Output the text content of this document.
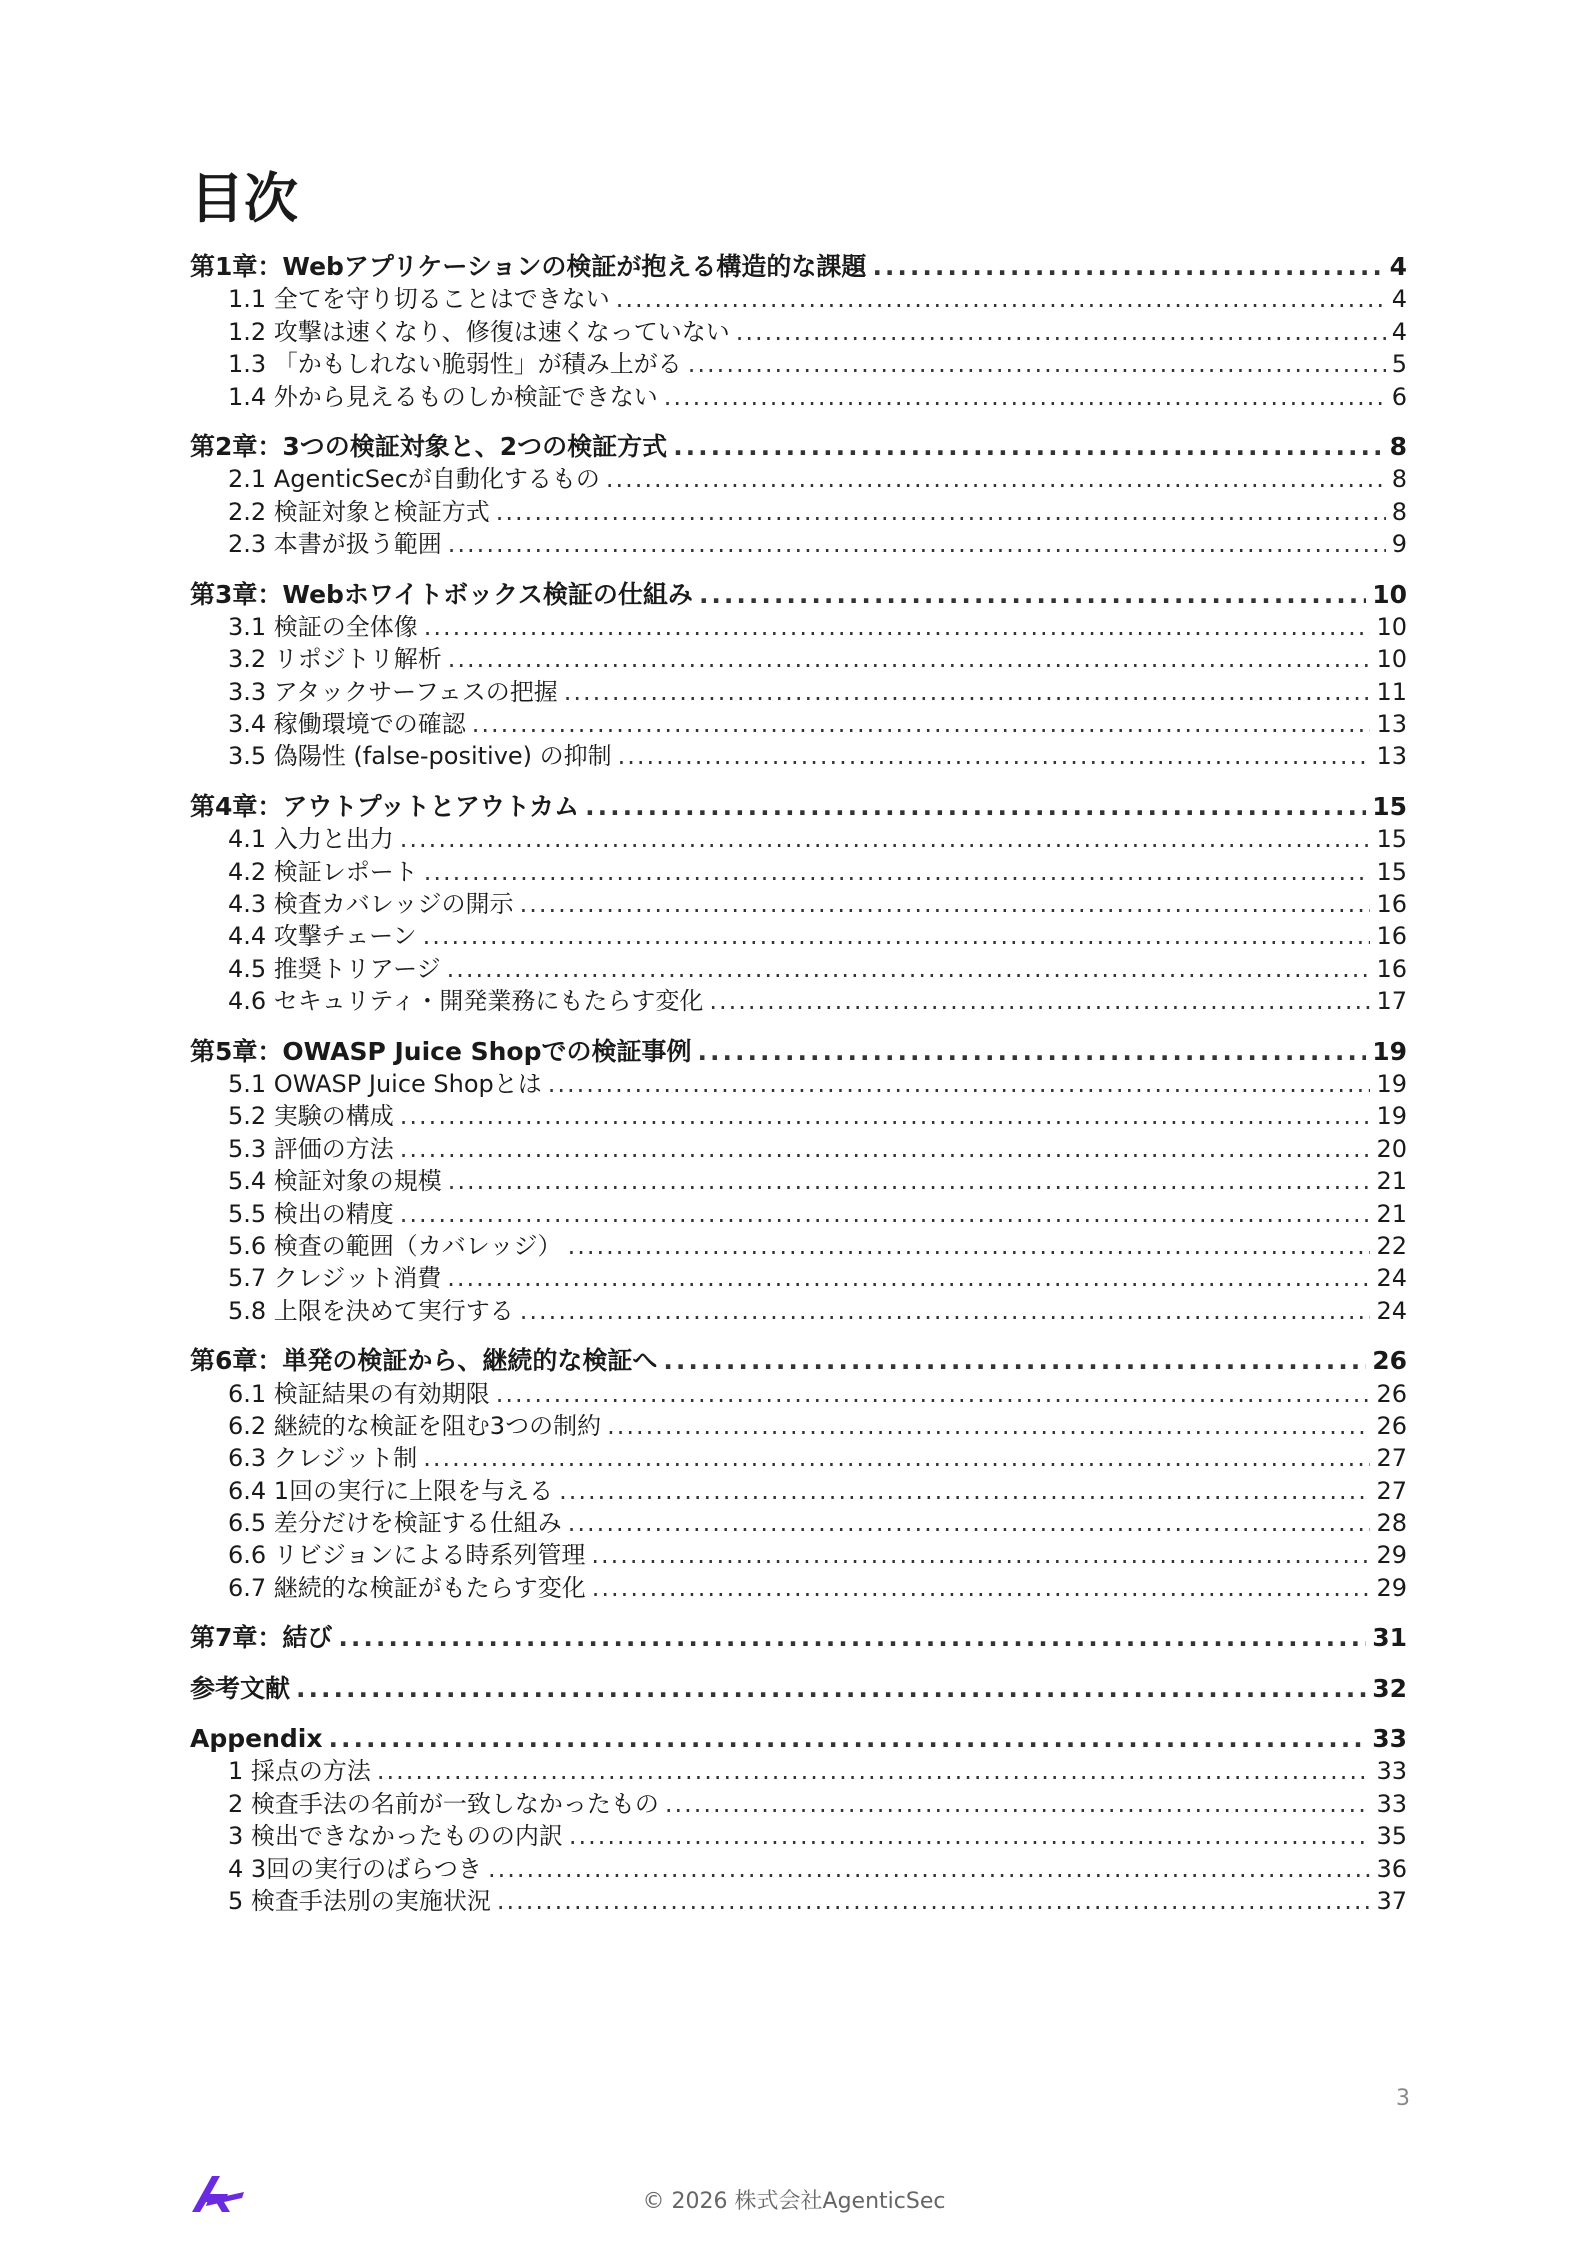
目次
第1章：Webアプリケーションの検証が抱える構造的な課題 .....	4
1.1 全てを守り切ることはできない .....	4
1.2 攻撃は速くなり、修復は速くなっていない .....	4
1.3 「かもしれない脆弱性」が積み上がる .....	5
1.4 外から見えるものしか検証できない .....	6
第2章：3つの検証対象と、2つの検証方式 .....	8
2.1 AgenticSecが自動化するもの .....	8
2.2 検証対象と検証方式 .....	8
2.3 本書が扱う範囲 .....	9
第3章：Webホワイトボックス検証の仕組み .....	10
3.1 検証の全体像 .....	10
3.2 リポジトリ解析 .....	10
3.3 アタックサーフェスの把握 .....	11
3.4 稼働環境での確認 .....	13
3.5 偽陽性 (false-positive) の抑制 .....	13
第4章：アウトプットとアウトカム .....	15
4.1 入力と出力 .....	15
4.2 検証レポート .....	15
4.3 検査カバレッジの開示 .....	16
4.4 攻撃チェーン .....	16
4.5 推奨トリアージ .....	16
4.6 セキュリティ・開発業務にもたらす変化 .....	17
第5章：OWASP Juice Shopでの検証事例 .....	19
5.1 OWASP Juice Shopとは .....	19
5.2 実験の構成 .....	19
5.3 評価の方法 .....	20
5.4 検証対象の規模 .....	21
5.5 検出の精度 .....	21
5.6 検査の範囲（カバレッジ） .....	22
5.7 クレジット消費 .....	24
5.8 上限を決めて実行する .....	24
第6章：単発の検証から、継続的な検証へ .....	26
6.1 検証結果の有効期限 .....	26
6.2 継続的な検証を阻む3つの制約 .....	26
6.3 クレジット制 .....	27
6.4 1回の実行に上限を与える .....	27
6.5 差分だけを検証する仕組み .....	28
6.6 リビジョンによる時系列管理 .....	29
6.7 継続的な検証がもたらす変化 .....	29
第7章：結び .....	31
参考文献 .....	32
Appendix .....	33
1 採点の方法 .....	33
2 検査手法の名前が一致しなかったもの .....	33
3 検出できなかったものの内訳 .....	35
4 3回の実行のばらつき .....	36
5 検査手法別の実施状況 .....	37
3
© 2026 株式会社AgenticSec
